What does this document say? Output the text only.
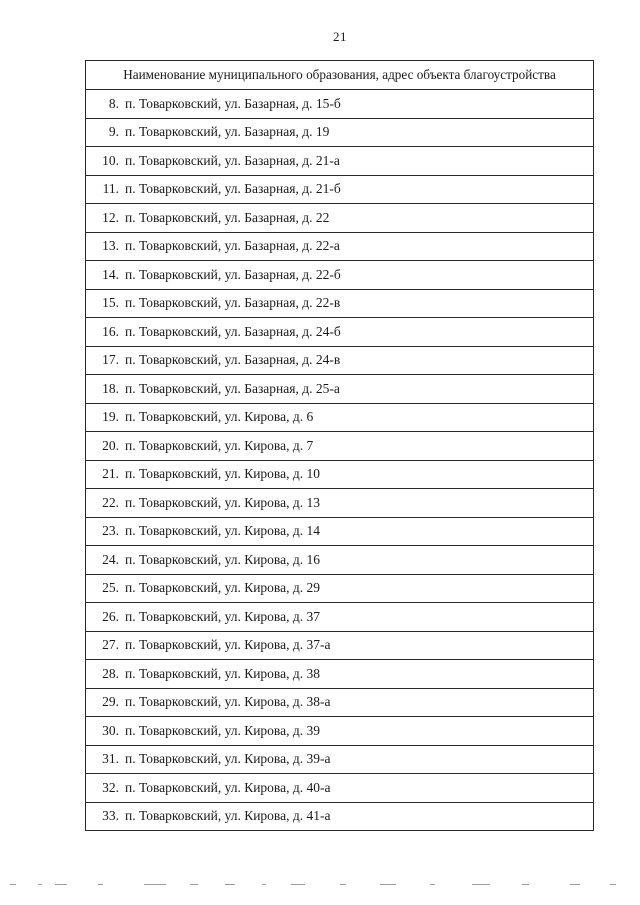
21
Наименование муниципального образования, адрес объекта благоустройства
8. п. Товарковский, ул. Базарная, д. 15-б
9. п. Товарковский, ул. Базарная, д. 19
10. п. Товарковский, ул. Базарная, д. 21-а
11. п. Товарковский, ул. Базарная, д. 21-б
12. п. Товарковский, ул. Базарная, д. 22
13. п. Товарковский, ул. Базарная, д. 22-а
14. п. Товарковский, ул. Базарная, д. 22-б
15. п. Товарковский, ул. Базарная, д. 22-в
16. п. Товарковский, ул. Базарная, д. 24-б
17. п. Товарковский, ул. Базарная, д. 24-в
18. п. Товарковский, ул. Базарная, д. 25-а
19. п. Товарковский, ул. Кирова, д. 6
20. п. Товарковский, ул. Кирова, д. 7
21. п. Товарковский, ул. Кирова, д. 10
22. п. Товарковский, ул. Кирова, д. 13
23. п. Товарковский, ул. Кирова, д. 14
24. п. Товарковский, ул. Кирова, д. 16
25. п. Товарковский, ул. Кирова, д. 29
26. п. Товарковский, ул. Кирова, д. 37
27. п. Товарковский, ул. Кирова, д. 37-а
28. п. Товарковский, ул. Кирова, д. 38
29. п. Товарковский, ул. Кирова, д. 38-а
30. п. Товарковский, ул. Кирова, д. 39
31. п. Товарковский, ул. Кирова, д. 39-а
32. п. Товарковский, ул. Кирова, д. 40-а
33. п. Товарковский, ул. Кирова, д. 41-а
